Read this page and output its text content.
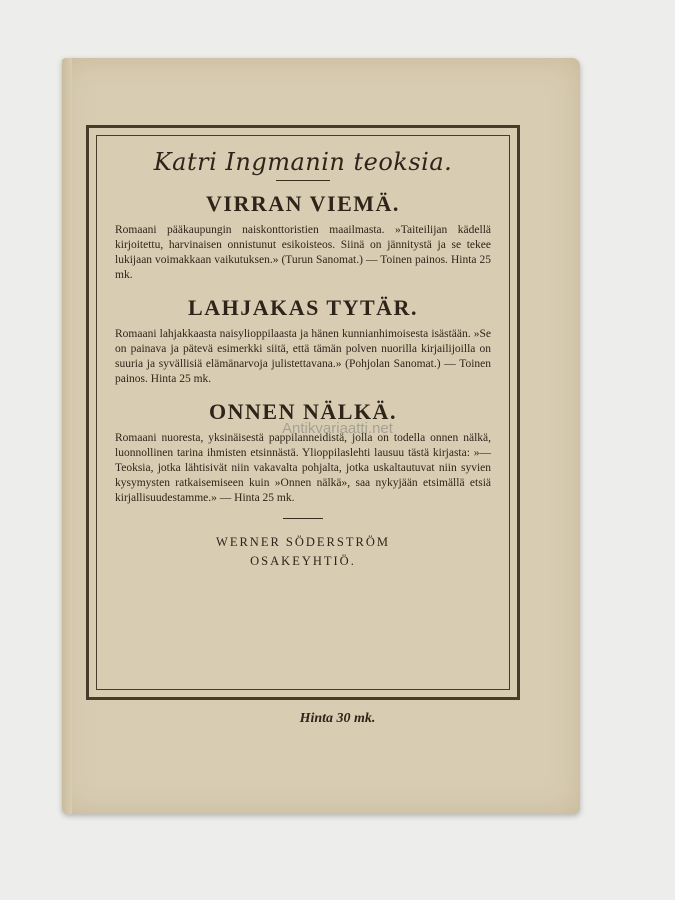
Katri Ingmanin teoksia.
VIRRAN VIEMÄ.
Romaani pääkaupungin naiskonttoristien maailmasta. »Taiteilijan kädellä kirjoitettu, harvinaisen onnistunut esikoisteos. Siinä on jännitystä ja se tekee lukijaan voimakkaan vaikutuksen.» (Turun Sanomat.) — Toinen painos. Hinta 25 mk.
LAHJAKAS TYTÄR.
Romaani lahjakkaasta naisylioppilaasta ja hänen kunnianhimoisesta isästään. »Se on painava ja pätevä esimerkki siitä, että tämän polven nuorilla kirjailijoilla on suuria ja syvällisiä elämänarvoja julistettavana.» (Pohjolan Sanomat.) — Toinen painos. Hinta 25 mk.
ONNEN NÄLKÄ.
Romaani nuoresta, yksinäisestä pappilanneidistä, jolla on todella onnen nälkä, luonnollinen tarina ihmisten etsinnästä. Ylioppilaslehti lausuu tästä kirjasta: »— Teoksia, jotka lähtisivät niin vakavalta pohjalta, jotka uskaltautuvat niin syvien kysymysten ratkaisemiseen kuin »Onnen nälkä», saa nykyjään etsimällä etsiä kirjallisuudestamme.» — Hinta 25 mk.
WERNER SÖDERSTRÖM
OSAKEYHTIÖ.
Antikvariaatti.net
Hinta 30 mk.
